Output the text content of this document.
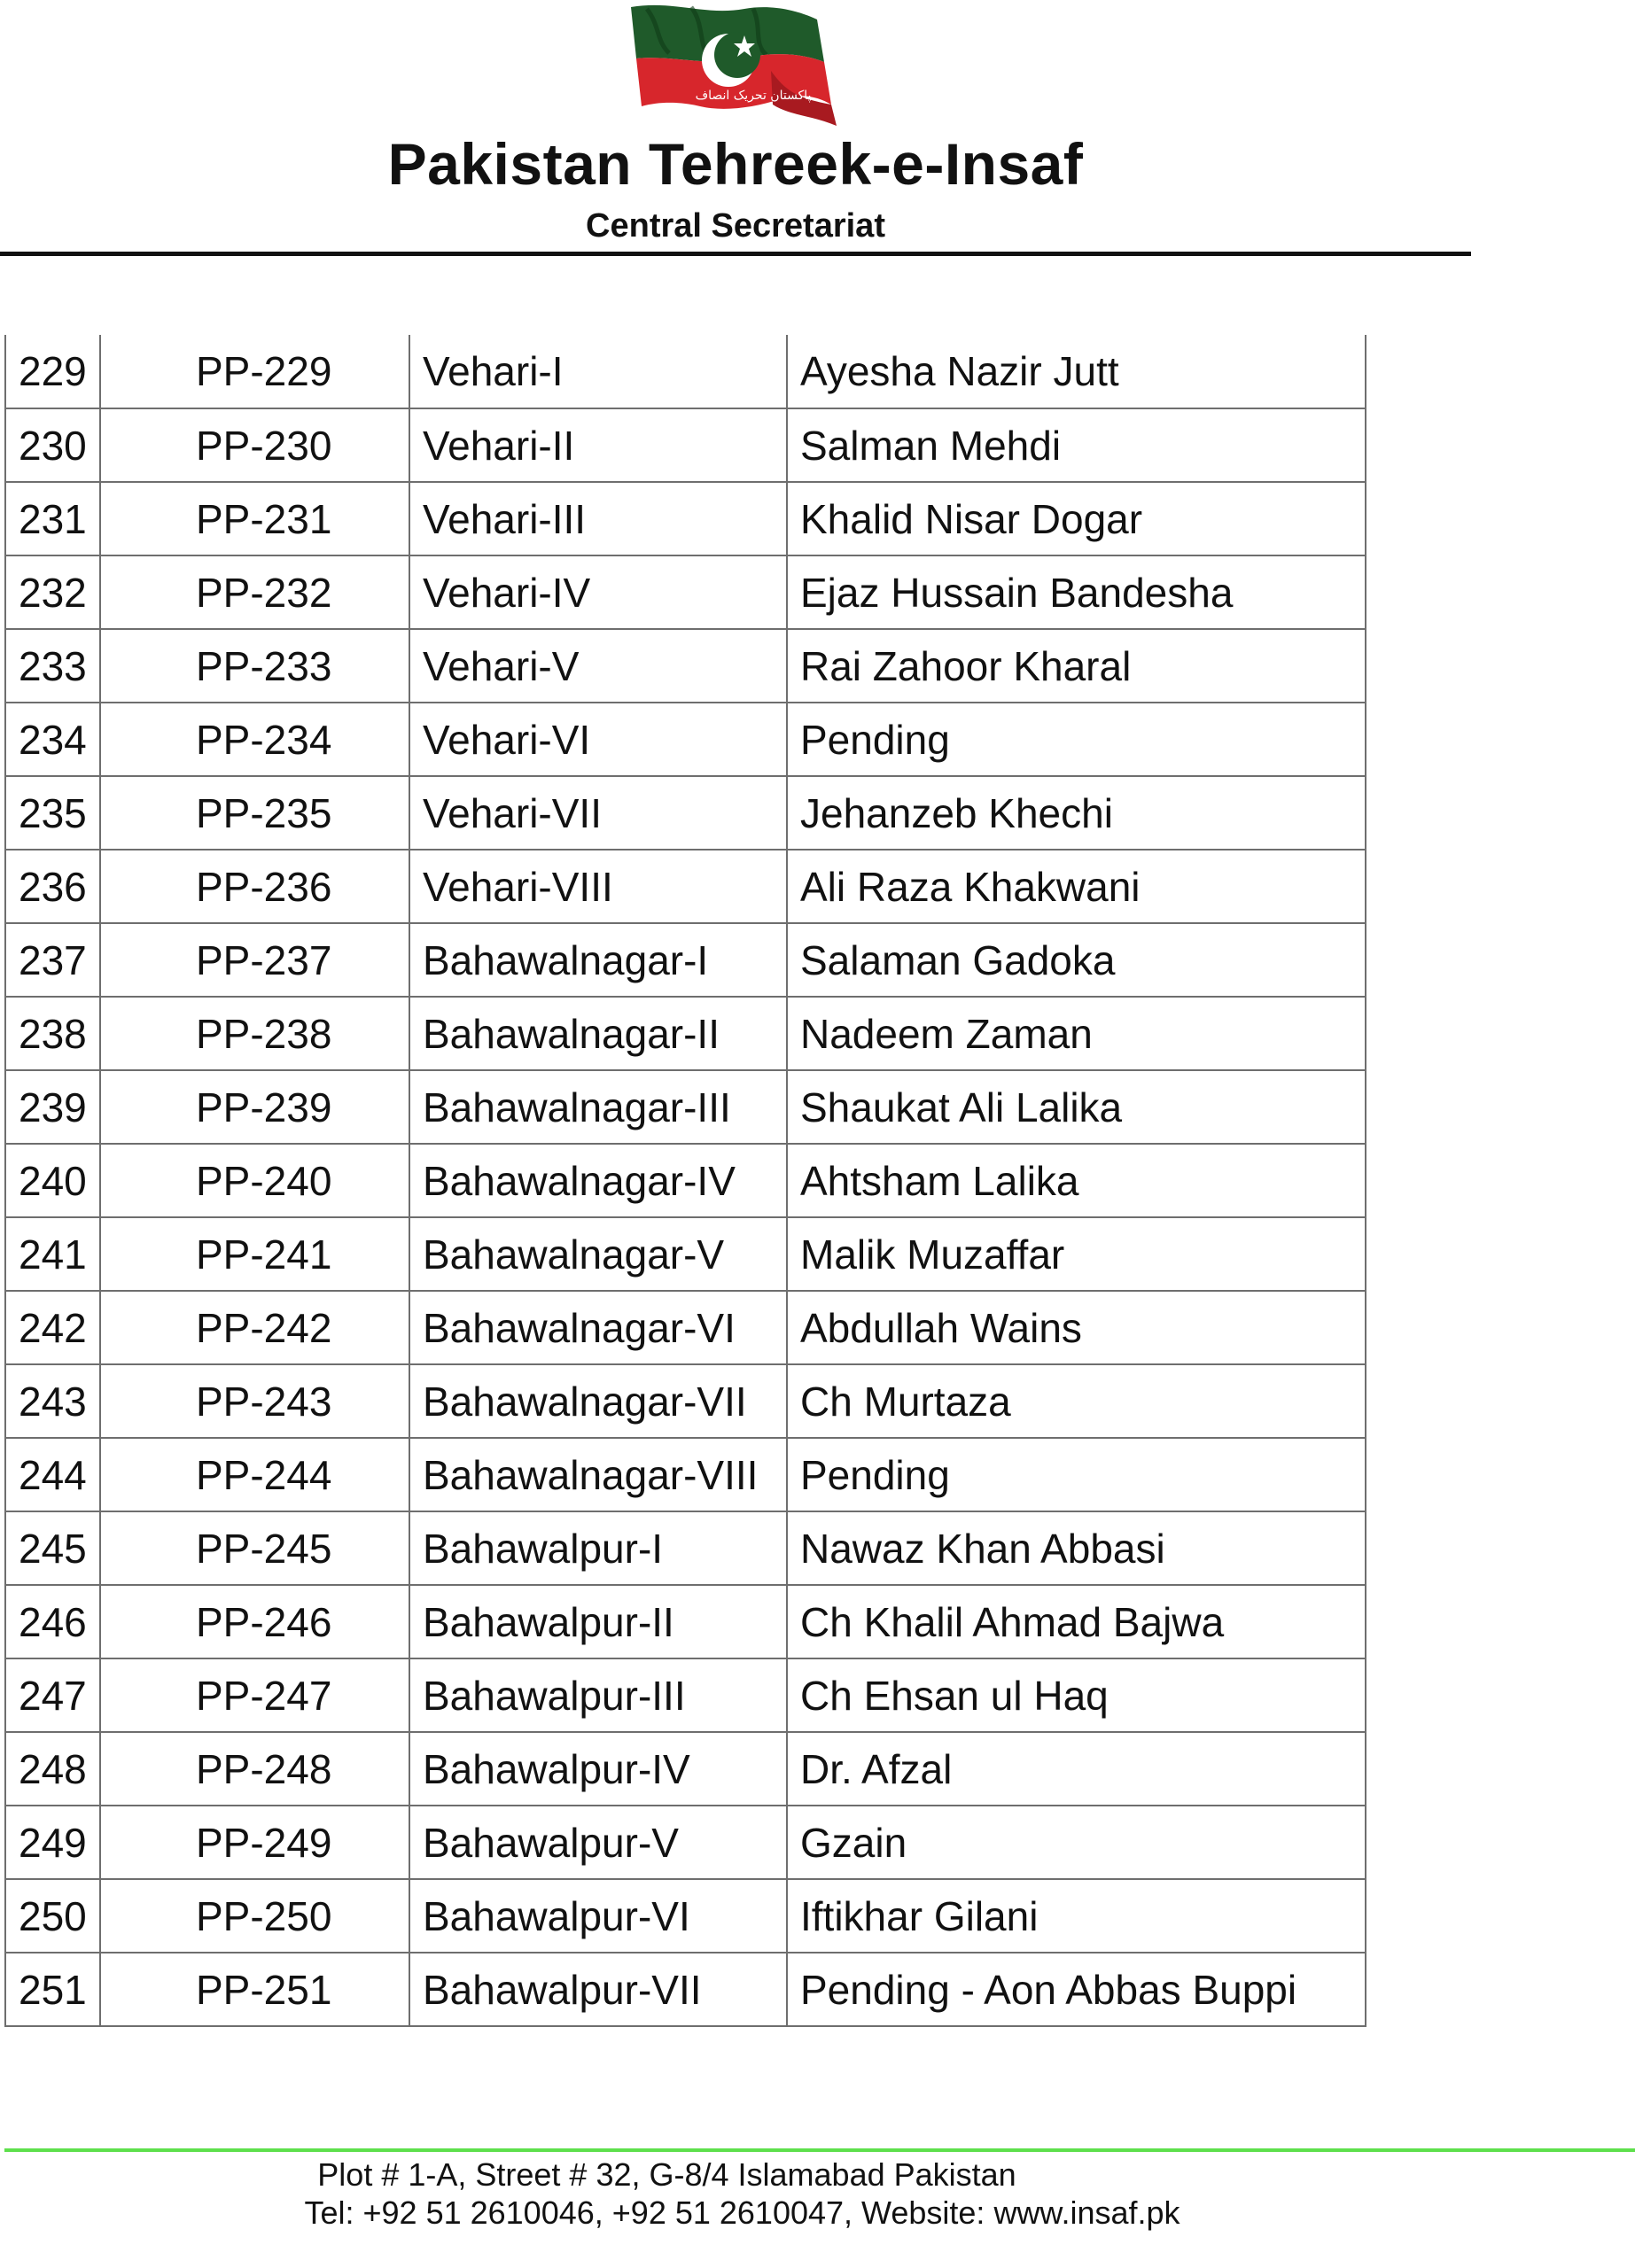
پاکستان تحریک انصاف
Pakistan Tehreek-e-Insaf
Central Secretariat
229	PP-229	Vehari-I	Ayesha Nazir Jutt
230	PP-230	Vehari-II	Salman Mehdi
231	PP-231	Vehari-III	Khalid Nisar Dogar
232	PP-232	Vehari-IV	Ejaz Hussain Bandesha
233	PP-233	Vehari-V	Rai Zahoor Kharal
234	PP-234	Vehari-VI	Pending
235	PP-235	Vehari-VII	Jehanzeb Khechi
236	PP-236	Vehari-VIII	Ali Raza Khakwani
237	PP-237	Bahawalnagar-I	Salaman Gadoka
238	PP-238	Bahawalnagar-II	Nadeem Zaman
239	PP-239	Bahawalnagar-III	Shaukat Ali Lalika
240	PP-240	Bahawalnagar-IV	Ahtsham Lalika
241	PP-241	Bahawalnagar-V	Malik Muzaffar
242	PP-242	Bahawalnagar-VI	Abdullah Wains
243	PP-243	Bahawalnagar-VII	Ch Murtaza
244	PP-244	Bahawalnagar-VIII	Pending
245	PP-245	Bahawalpur-I	Nawaz Khan Abbasi
246	PP-246	Bahawalpur-II	Ch Khalil Ahmad Bajwa
247	PP-247	Bahawalpur-III	Ch Ehsan ul Haq
248	PP-248	Bahawalpur-IV	Dr. Afzal
249	PP-249	Bahawalpur-V	Gzain
250	PP-250	Bahawalpur-VI	Iftikhar Gilani
251	PP-251	Bahawalpur-VII	Pending - Aon Abbas Buppi
Plot # 1-A, Street # 32, G-8/4 Islamabad Pakistan
Tel: +92 51 2610046, +92 51 2610047, Website: www.insaf.pk
